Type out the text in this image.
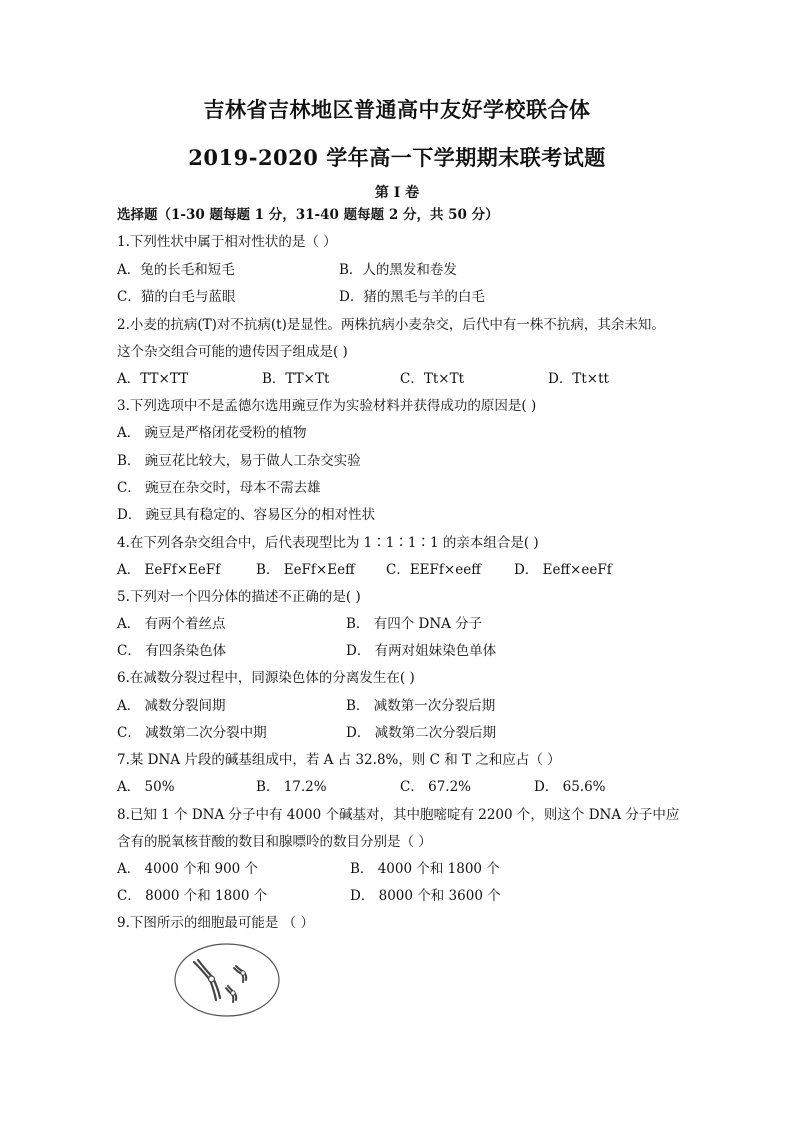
吉林省吉林地区普通高中友好学校联合体
2019-2020 学年高一下学期期末联考试题
第 I 卷
选择题（1-30 题每题 1 分，31-40 题每题 2 分，共 50 分）
1.下列性状中属于相对性状的是（ ）
A．兔的长毛和短毛	B．人的黑发和卷发
C．猫的白毛与蓝眼	D．猪的黑毛与羊的白毛
2.小麦的抗病(T)对不抗病(t)是显性。两株抗病小麦杂交，后代中有一株不抗病，其余未知。
这个杂交组合可能的遗传因子组成是( )
A．TT×TT	B．TT×Tt	C．Tt×Tt	D．Tt×tt
3.下列选项中不是孟德尔选用豌豆作为实验材料并获得成功的原因是( )
A． 豌豆是严格闭花受粉的植物
B． 豌豆花比较大，易于做人工杂交实验
C． 豌豆在杂交时，母本不需去雄
D． 豌豆具有稳定的、容易区分的相对性状
4.在下列各杂交组合中，后代表现型比为 1∶1∶1∶1 的亲本组合是( )
A． EeFf×EeFf	B． EeFf×Eeff C．EEFf×eeff D． Eeff×eeFf
5.下列对一个四分体的描述不正确的是( )
A． 有两个着丝点	B． 有四个 DNA 分子
C． 有四条染色体	D． 有两对姐妹染色单体
6.在减数分裂过程中，同源染色体的分离发生在( )
A． 减数分裂间期	B． 减数第一次分裂后期
C． 减数第二次分裂中期	D． 减数第二次分裂后期
7.某 DNA 片段的碱基组成中，若 A 占 32.8%，则 C 和 T 之和应占（ ）
A． 50%	B． 17.2%	C． 67.2%	D． 65.6%
8.已知 1 个 DNA 分子中有 4000 个碱基对，其中胞嘧啶有 2200 个，则这个 DNA 分子中应
含有的脱氧核苷酸的数目和腺嘌呤的数目分别是（ ）
A． 4000 个和 900 个	B． 4000 个和 1800 个
C． 8000 个和 1800 个	D． 8000 个和 3600 个
9.下图所示的细胞最可能是 （ ）
